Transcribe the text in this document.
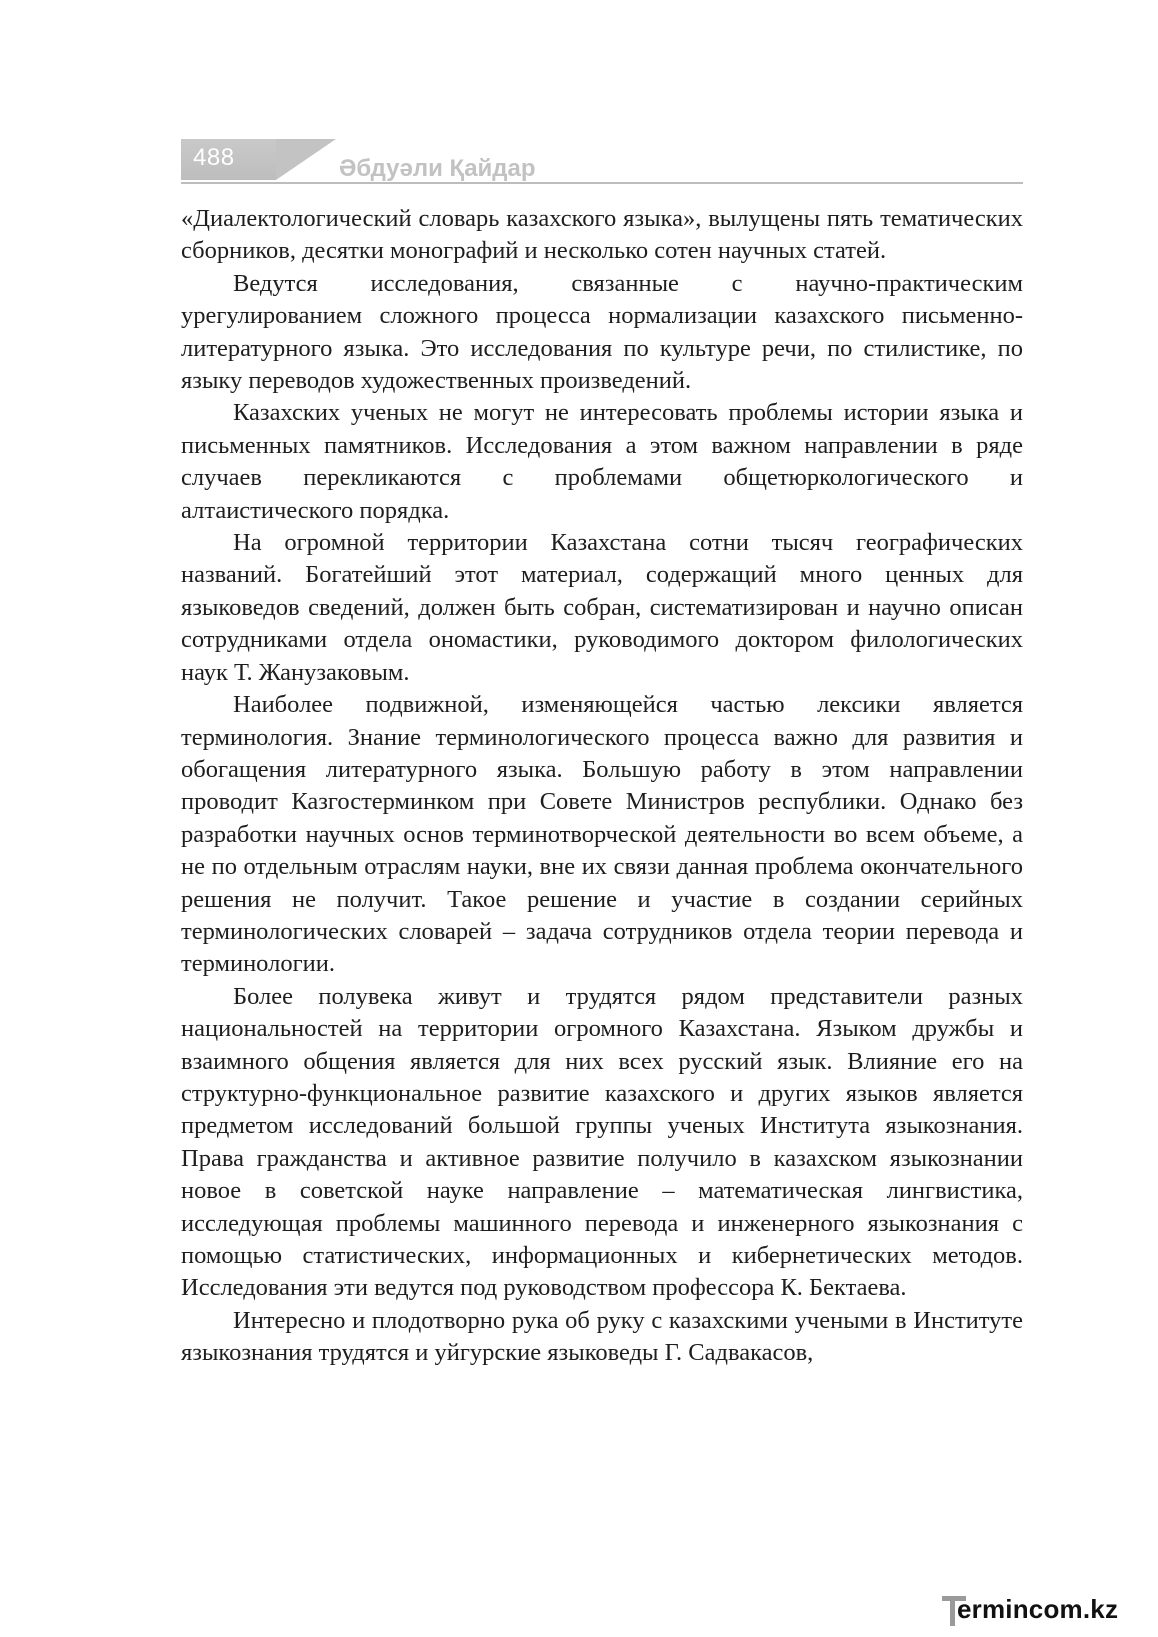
488	Әбдуәли Қайдар

«Диалектологический словарь казахского языка», вылущены пять тематических сборников, десятки монографий и несколько сотен научных статей.

Ведутся исследования, связанные с научно-практическим урегулированием сложного процесса нормализации казахского письменно-литературного языка. Это исследования по культуре речи, по стилистике, по языку переводов художественных произведений.

Казахских ученых не могут не интересовать проблемы истории языка и письменных памятников. Исследования а этом важном направлении в ряде случаев перекликаются с проблемами общетюркологического и алтаистического порядка.

На огромной территории Казахстана сотни тысяч географических названий. Богатейший этот материал, содержащий много ценных для языковедов сведений, должен быть собран, систематизирован и научно описан сотрудниками отдела ономастики, руководимого доктором филологических наук Т. Жанузаковым.

Наиболее подвижной, изменяющейся частью лексики является терминология. Знание терминологического процесса важно для развития и обогащения литературного языка. Большую работу в этом направлении проводит Казгостерминком при Совете Министров республики. Однако без разработки научных основ терминотворческой деятельности во всем объеме, а не по отдельным отраслям науки, вне их связи данная проблема окончательного решения не получит. Такое решение и участие в создании серийных терминологических словарей – задача сотрудников отдела теории перевода и терминологии.

Более полувека живут и трудятся рядом представители разных национальностей на территории огромного Казахстана. Языком дружбы и взаимного общения является для них всех русский язык. Влияние его на структурно-функциональное развитие казахского и других языков является предметом исследований большой группы ученых Института языкознания. Права гражданства и активное развитие получило в казахском языкознании новое в советской науке направление – математическая лингвистика, исследующая проблемы машинного перевода и инженерного языкознания с помощью статистических, информационных и кибернетических методов. Исследования эти ведутся под руководством профессора К. Бектаева.

Интересно и плодотворно рука об руку с казахскими учеными в Институте языкознания трудятся и уйгурские языковеды Г. Садвакасов,

ermincom.kz
